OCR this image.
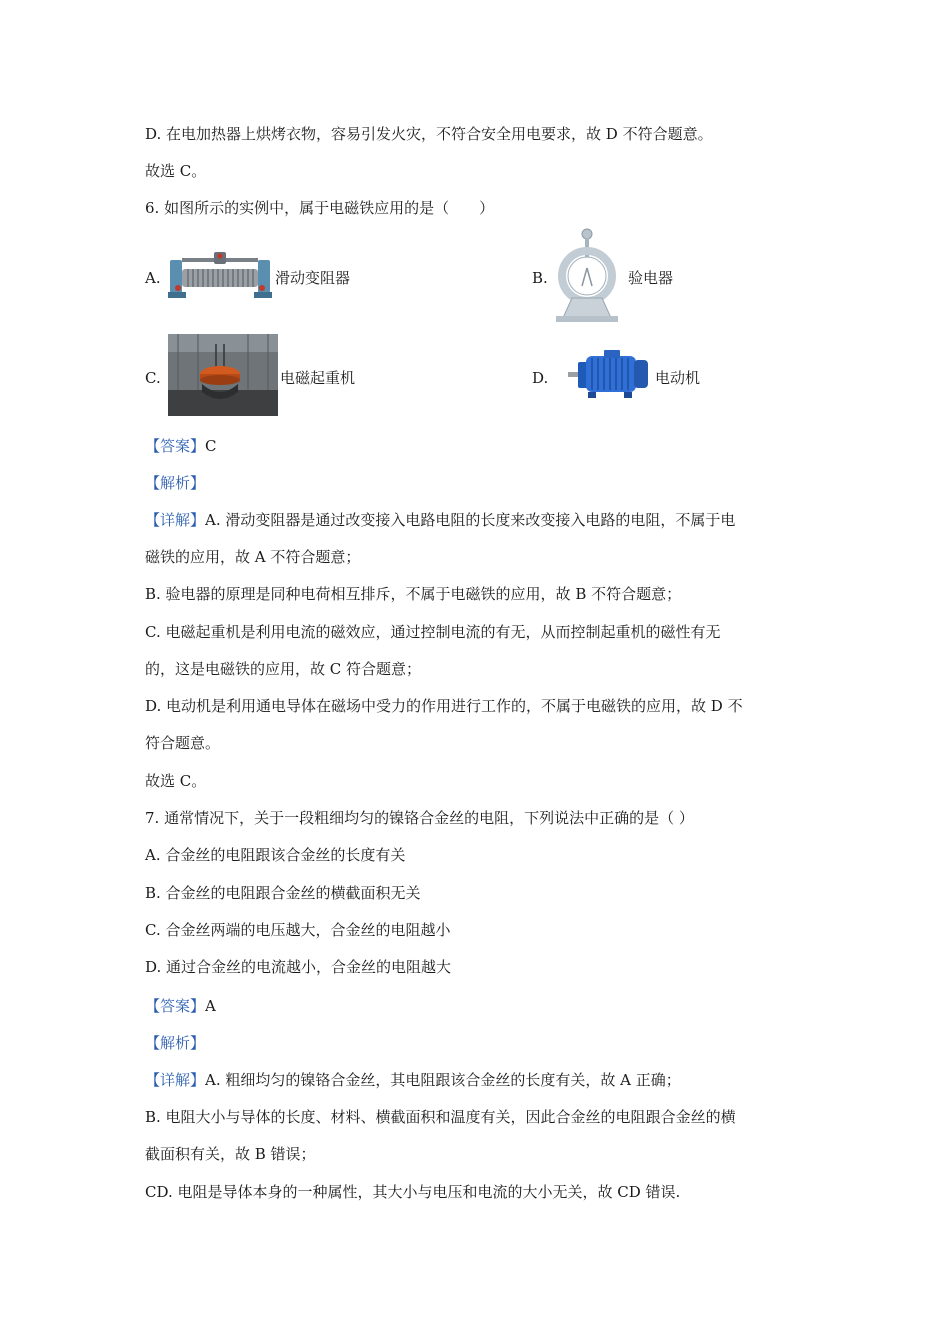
D. 在电加热器上烘烤衣物，容易引发火灾，不符合安全用电要求，故 D 不符合题意。
故选 C。
6. 如图所示的实例中，属于电磁铁应用的是（　　）
A.	滑动变阻器	B.	验电器
C.	电磁起重机	D.	电动机
【答案】C
【解析】
【详解】A. 滑动变阻器是通过改变接入电路电阻的长度来改变接入电路的电阻，不属于电
磁铁的应用，故 A 不符合题意；
B. 验电器的原理是同种电荷相互排斥，不属于电磁铁的应用，故 B 不符合题意；
C. 电磁起重机是利用电流的磁效应，通过控制电流的有无，从而控制起重机的磁性有无
的，这是电磁铁的应用，故 C 符合题意；
D. 电动机是利用通电导体在磁场中受力的作用进行工作的，不属于电磁铁的应用，故 D 不
符合题意。
故选 C。
7. 通常情况下，关于一段粗细均匀的镍铬合金丝的电阻，下列说法中正确的是（ ）
A. 合金丝的电阻跟该合金丝的长度有关
B. 合金丝的电阻跟合金丝的横截面积无关
C. 合金丝两端的电压越大，合金丝的电阻越小
D. 通过合金丝的电流越小，合金丝的电阻越大
【答案】A
【解析】
【详解】A. 粗细均匀的镍铬合金丝，其电阻跟该合金丝的长度有关，故 A 正确；
B. 电阻大小与导体的长度、材料、横截面积和温度有关，因此合金丝的电阻跟合金丝的横
截面积有关，故 B 错误；
CD. 电阻是导体本身的一种属性，其大小与电压和电流的大小无关，故 CD 错误.
